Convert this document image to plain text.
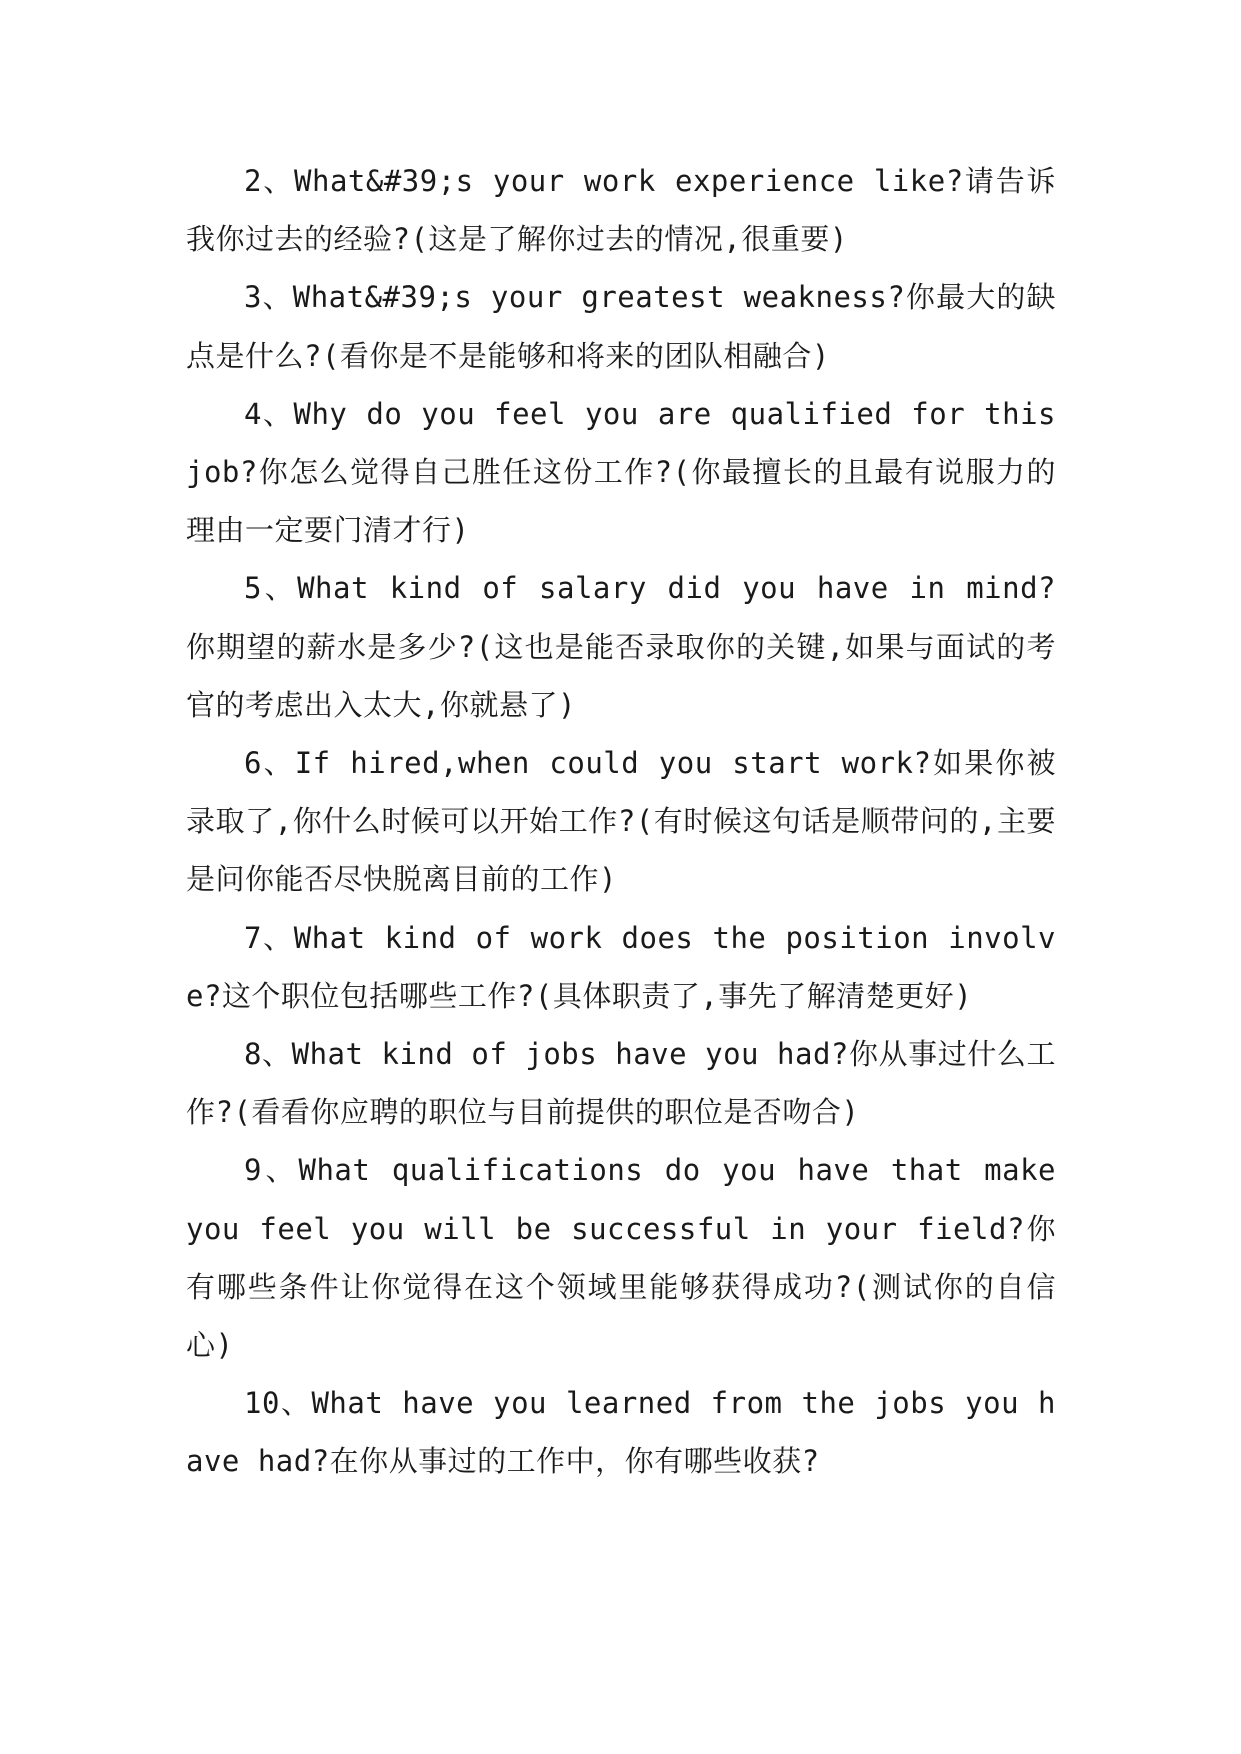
2、What&#39;s your work experience like?请告诉我你过去的经验?(这是了解你过去的情况,很重要)

3、What&#39;s your greatest weakness?你最大的缺点是什么?(看你是不是能够和将来的团队相融合)

4、Why do you feel you are qualified for this job?你怎么觉得自己胜任这份工作?(你最擅长的且最有说服力的理由一定要门清才行)

5、What kind of salary did you have in mind?你期望的薪水是多少?(这也是能否录取你的关键,如果与面试的考官的考虑出入太大,你就悬了)

6、If hired,when could you start work?如果你被录取了,你什么时候可以开始工作?(有时候这句话是顺带问的,主要是问你能否尽快脱离目前的工作)

7、What kind of work does the position involve?这个职位包括哪些工作?(具体职责了,事先了解清楚更好)

8、What kind of jobs have you had?你从事过什么工作?(看看你应聘的职位与目前提供的职位是否吻合)

9、What qualifications do you have that make you feel you will be successful in your field?你有哪些条件让你觉得在这个领域里能够获得成功?(测试你的自信心)

10、What have you learned from the jobs you have had?在你从事过的工作中，你有哪些收获?
